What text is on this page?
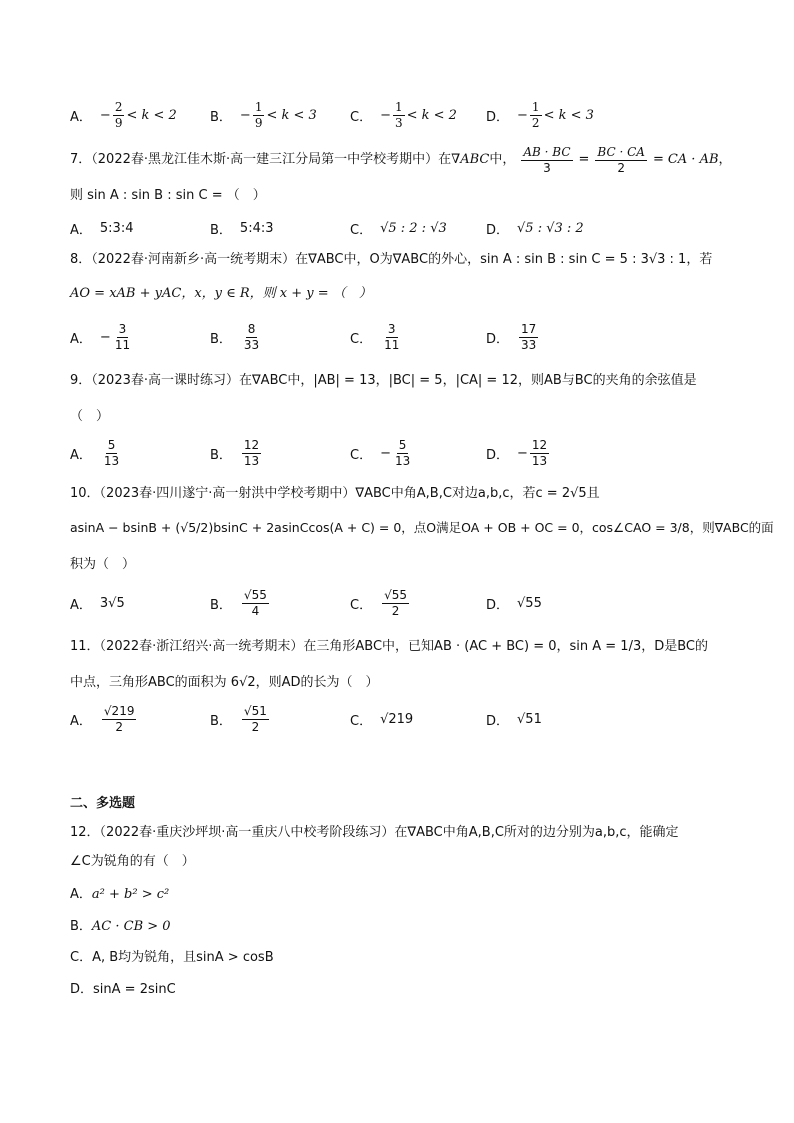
A． − $\frac{2}{9} < k < 2$	B． − $\frac{1}{9} < k < 3$	C． − $\frac{1}{3} < k < 2$ D． − $\frac{1}{2} < k < 3$
7．（2022春·黑龙江佳木斯·高一建三江分局第一中学校考期中）在 ∇ABC 中， $\frac{AB \cdot BC}{3} = \frac{BC \cdot CA}{2}$ = CA · AB ，
则 sin A : sin B : sin C = （　）
A． 5:3:4	B． 5:4:3	C． √5 : 2 : √3	D． √5 : √3 : 2
8．（2022春·河南新乡·高一统考期末）在∇ABC中，O为∇ABC的外心，sin A : sin B : sin C = 5 : 3√3 : 1，若
AO = xAB + yAC，x，y ∈ R，则 x + y = （　）
A． − $\frac{3}{11}$	B． $\frac{8}{33}$	C． $\frac{3}{11}$	D． $\frac{17}{33}$
9．（2023春·高一课时练习）在∇ABC中，|AB| = 13，|BC| = 5，|CA| = 12，则AB与BC的夹角的余弦值是
（　）
A． $\frac{5}{13}$	B． $\frac{12}{13}$	C． − $\frac{5}{13}$	D． − $\frac{12}{13}$
10．（2023春·四川遂宁·高一射洪中学校考期中）∇ABC中角A,B,C对边a,b,c，若c = 2√5且
asinA − bsinB + (√5/2)bsinC + 2asinCcos(A + C) = 0，点O满足OA + OB + OC = 0，cos∠CAO = 3/8，则∇ABC的面
积为（　）
A． 3√5	B． $\frac{√55}{4}$	C． $\frac{√55}{2}$	D． √55
11．（2022春·浙江绍兴·高一统考期末）在三角形ABC中，已知AB · (AC + BC) = 0，sin A = 1/3，D是BC的
中点，三角形ABC的面积为 6√2，则AD的长为（　）
A． $\frac{√219}{2}$	B． $\frac{√51}{2}$	C． √219	D． √51
二、多选题
12．（2022春·重庆沙坪坝·高一重庆八中校考阶段练习）在∇ABC中角A,B,C所对的边分别为a,b,c，能确定
∠C为锐角的有（　）
A．a² + b² > c²
B．AC · CB > 0
C．A, B均为锐角，且sinA > cosB
D．sinA = 2sinC
